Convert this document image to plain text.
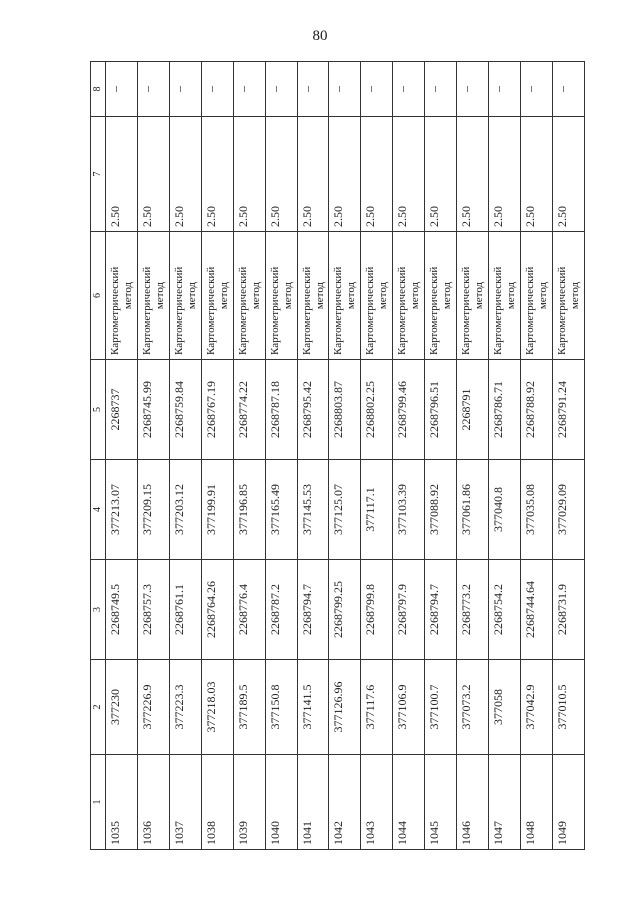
80
1	2	3	4	5	6	7	8
1035	377230	2268749.5	377213.07	2268737	Картометрический метод	2.50	–
1036	377226.9	2268757.3	377209.15	2268745.99	Картометрический метод	2.50	–
1037	377223.3	2268761.1	377203.12	2268759.84	Картометрический метод	2.50	–
1038	377218.03	2268764.26	377199.91	2268767.19	Картометрический метод	2.50	–
1039	377189.5	2268776.4	377196.85	2268774.22	Картометрический метод	2.50	–
1040	377150.8	2268787.2	377165.49	2268787.18	Картометрический метод	2.50	–
1041	377141.5	2268794.7	377145.53	2268795.42	Картометрический метод	2.50	–
1042	377126.96	2268799.25	377125.07	2268803.87	Картометрический метод	2.50	–
1043	377117.6	2268799.8	377117.1	2268802.25	Картометрический метод	2.50	–
1044	377106.9	2268797.9	377103.39	2268799.46	Картометрический метод	2.50	–
1045	377100.7	2268794.7	377088.92	2268796.51	Картометрический метод	2.50	–
1046	377073.2	2268773.2	377061.86	2268791	Картометрический метод	2.50	–
1047	377058	2268754.2	377040.8	2268786.71	Картометрический метод	2.50	–
1048	377042.9	2268744.64	377035.08	2268788.92	Картометрический метод	2.50	–
1049	377010.5	2268731.9	377029.09	2268791.24	Картометрический метод	2.50	–
